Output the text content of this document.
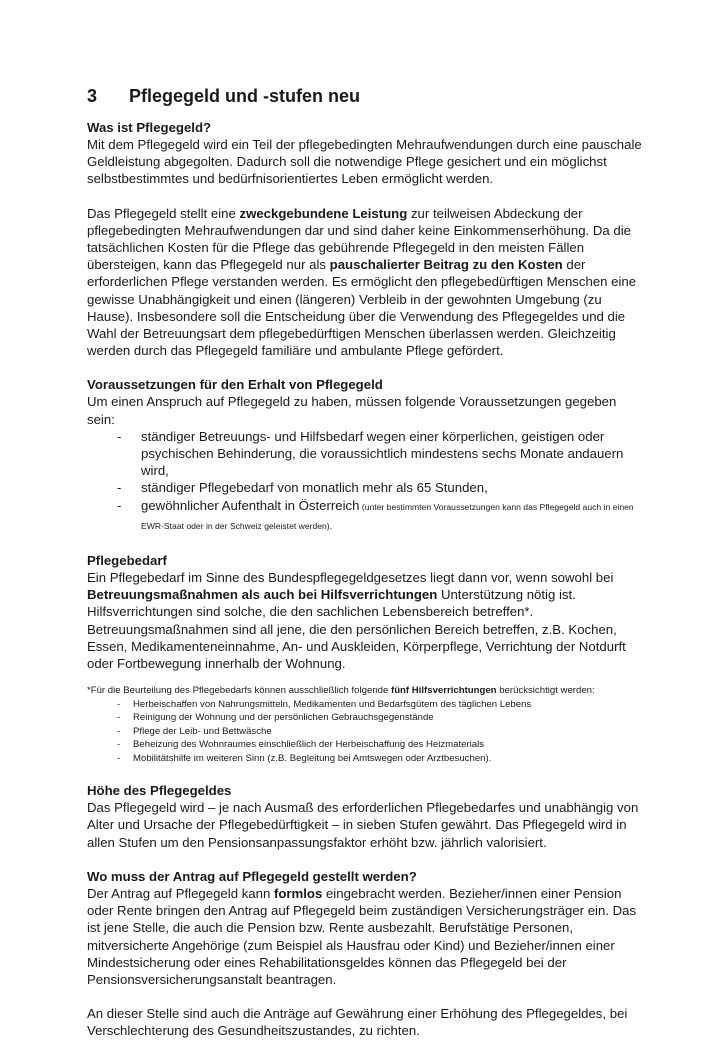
3	Pflegegeld und -stufen neu
Was ist Pflegegeld?

Mit dem Pflegegeld wird ein Teil der pflegebedingten Mehraufwendungen durch eine pauschale Geldleistung abgegolten. Dadurch soll die notwendige Pflege gesichert und ein möglichst selbstbestimmtes und bedürfnisorientiertes Leben ermöglicht werden.

Das Pflegegeld stellt eine zweckgebundene Leistung zur teilweisen Abdeckung der pflegebedingten Mehraufwendungen dar und sind daher keine Einkommenserhöhung. Da die tatsächlichen Kosten für die Pflege das gebührende Pflegegeld in den meisten Fällen übersteigen, kann das Pflegegeld nur als pauschalierter Beitrag zu den Kosten der erforderlichen Pflege verstanden werden. Es ermöglicht den pflegebedürftigen Menschen eine gewisse Unabhängigkeit und einen (längeren) Verbleib in der gewohnten Umgebung (zu Hause). Insbesondere soll die Entscheidung über die Verwendung des Pflegegeldes und die Wahl der Betreuungsart dem pflegebedürftigen Menschen überlassen werden. Gleichzeitig werden durch das Pflegegeld familiäre und ambulante Pflege gefördert.

Voraussetzungen für den Erhalt von Pflegegeld

Um einen Anspruch auf Pflegegeld zu haben, müssen folgende Voraussetzungen gegeben sein:

- ständiger Betreuungs- und Hilfsbedarf wegen einer körperlichen, geistigen oder psychischen Behinderung, die voraussichtlich mindestens sechs Monate andauern wird,
- ständiger Pflegebedarf von monatlich mehr als 65 Stunden,
- gewöhnlicher Aufenthalt in Österreich (unter bestimmten Voraussetzungen kann das Pflegegeld auch in einen EWR-Staat oder in der Schweiz geleistet werden).
Pflegebedarf

Ein Pflegebedarf im Sinne des Bundespflegegeldgesetzes liegt dann vor, wenn sowohl bei Betreuungsmaßnahmen als auch bei Hilfsverrichtungen Unterstützung nötig ist.

Hilfsverrichtungen sind solche, die den sachlichen Lebensbereich betreffen*.

Betreuungsmaßnahmen sind all jene, die den persönlichen Bereich betreffen, z.B. Kochen, Essen, Medikamenteneinnahme, An- und Auskleiden, Körperpflege, Verrichtung der Notdurft oder Fortbewegung innerhalb der Wohnung.

*Für die Beurteilung des Pflegebedarfs können ausschließlich folgende fünf Hilfsverrichtungen berücksichtigt werden:

- Herbeischaffen von Nahrungsmitteln, Medikamenten und Bedarfsgütern des täglichen Lebens
- Reinigung der Wohnung und der persönlichen Gebrauchsgegenstände
- Pflege der Leib- und Bettwäsche
- Beheizung des Wohnraumes einschließlich der Herbeischaffung des Heizmaterials
- Mobilitätshilfe im weiteren Sinn (z.B. Begleitung bei Amtswegen oder Arztbesuchen).
Höhe des Pflegegeldes

Das Pflegegeld wird – je nach Ausmaß des erforderlichen Pflegebedarfes und unabhängig von Alter und Ursache der Pflegebedürftigkeit – in sieben Stufen gewährt. Das Pflegegeld wird in allen Stufen um den Pensionsanpassungsfaktor erhöht bzw. jährlich valorisiert.

Wo muss der Antrag auf Pflegegeld gestellt werden?

Der Antrag auf Pflegegeld kann formlos eingebracht werden. Bezieher/innen einer Pension oder Rente bringen den Antrag auf Pflegegeld beim zuständigen Versicherungsträger ein. Das ist jene Stelle, die auch die Pension bzw. Rente ausbezahlt. Berufstätige Personen, mitversicherte Angehörige (zum Beispiel als Hausfrau oder Kind) und Bezieher/innen einer Mindestsicherung oder eines Rehabilitationsgeldes können das Pflegegeld bei der Pensionsversicherungsanstalt beantragen.

An dieser Stelle sind auch die Anträge auf Gewährung einer Erhöhung des Pflegegeldes, bei Verschlechterung des Gesundheitszustandes, zu richten.
